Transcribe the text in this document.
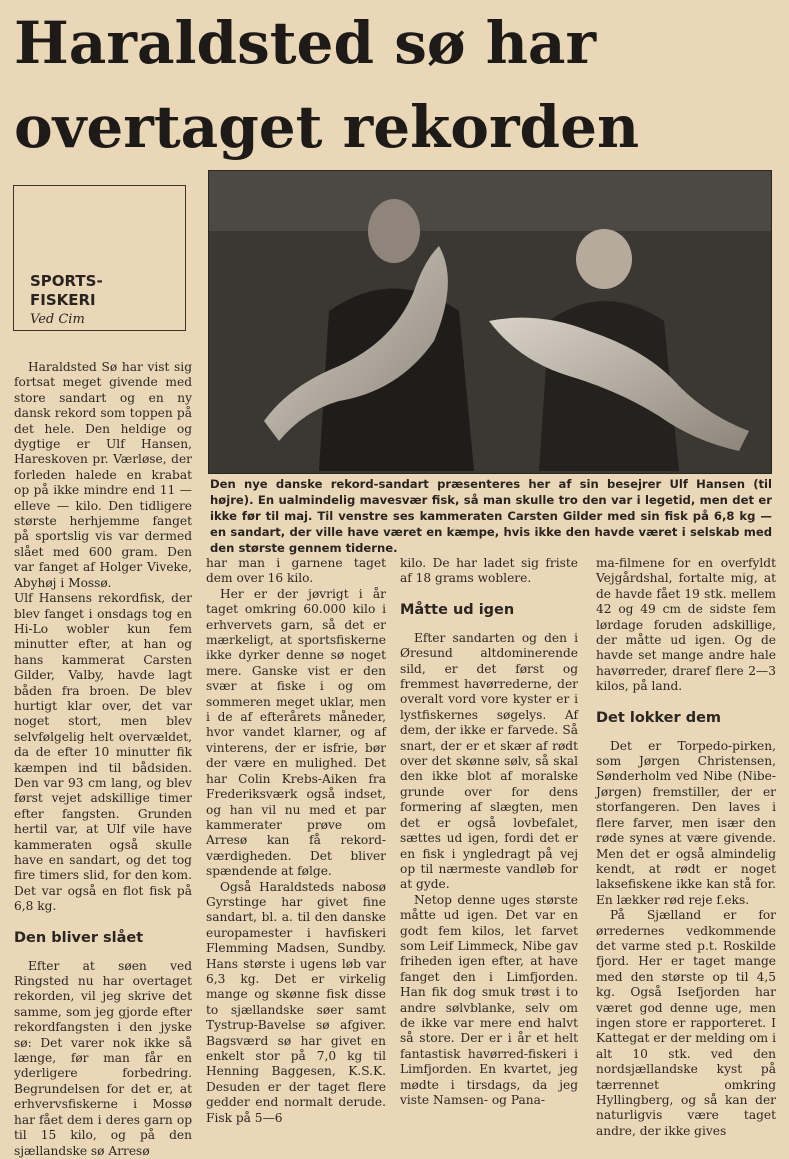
Haraldsted sø har
overtaget rekorden
SPORTS-
FISKERI
Ved Cim
Den nye danske rekord-sandart præsenteres her af sin besejrer Ulf Hansen (til højre). En ualmindelig mavesvær fisk, så man skulle tro den var i legetid, men det er ikke før til maj. Til venstre ses kammeraten Carsten Gilder med sin fisk på 6,8 kg — en sandart, der ville have været en kæmpe, hvis ikke den havde været i selskab med den største gennem tiderne.

Haraldsted Sø har vist sig fortsat meget givende med store sandart og en ny dansk rekord som toppen på det hele. Den heldige og dygtige er Ulf Hansen, Hareskoven pr. Værløse, der forleden halede en krabat op på ikke mindre end 11 — elleve — kilo. Den tidligere største herhjemme fanget på sportslig vis var dermed slået med 600 gram. Den var fanget af Holger Viveke, Abyhøj i Mossø.

Ulf Hansens rekordfisk, der blev fanget i onsdags tog en Hi-Lo wobler kun fem minutter efter, at han og hans kammerat Carsten Gilder, Valby, havde lagt båden fra broen. De blev hurtigt klar over, det var noget stort, men blev selvfølgelig helt overvældet, da de efter 10 minutter fik kæmpen ind til bådsiden. Den var 93 cm lang, og blev først vejet adskillige timer efter fangsten. Grunden hertil var, at Ulf vile have kammeraten også skulle have en sandart, og det tog fire timers slid, for den kom. Det var også en flot fisk på 6,8 kg.

Den bliver slået

Efter at søen ved Ringsted nu har overtaget rekorden, vil jeg skrive det samme, som jeg gjorde efter rekordfangsten i den jyske sø: Det varer nok ikke så længe, før man får en yderligere forbedring. Begrundelsen for det er, at erhvervsfiskerne i Mossø har fået dem i deres garn op til 15 kilo, og på den sjællandske sø Arresø

har man i garnene taget dem over 16 kilo.

Her er der jøvrigt i år taget omkring 60.000 kilo i erhvervets garn, så det er mærkeligt, at sportsfiskerne ikke dyrker denne sø noget mere. Ganske vist er den svær at fiske i og om sommeren meget uklar, men i de af efterårets måneder, hvor vandet klarner, og af vinterens, der er isfrie, bør der være en mulighed. Det har Colin Krebs-Aiken fra Frederiksværk også indset, og han vil nu med et par kammerater prøve om Arresø kan få rekord-værdigheden. Det bliver spændende at følge.

Også Haraldsteds nabosø Gyrstinge har givet fine sandart, bl. a. til den danske europamester i havfiskeri Flemming Madsen, Sundby. Hans største i ugens løb var 6,3 kg. Det er virkelig mange og skønne fisk disse to sjællandske søer samt Tystrup-Bavelse sø afgiver. Bagsværd sø har givet en enkelt stor på 7,0 kg til Henning Baggesen, K.S.K. Desuden er der taget flere gedder end normalt derude. Fisk på 5—6

kilo. De har ladet sig friste af 18 grams woblere.

Måtte ud igen

Efter sandarten og den i Øresund altdominerende sild, er det først og fremmest havørrederne, der overalt vord vore kyster er i lystfiskernes søgelys. Af dem, der ikke er farvede. Så snart, der er et skær af rødt over det skønne sølv, så skal den ikke blot af moralske grunde over for dens formering af slægten, men det er også lovbefalet, sættes ud igen, fordi det er en fisk i yngledragt på vej op til nærmeste vandløb for at gyde.

Netop denne uges største måtte ud igen. Det var en godt fem kilos, let farvet som Leif Limmeck, Nibe gav friheden igen efter, at have fanget den i Limfjorden. Han fik dog smuk trøst i to andre sølvblanke, selv om de ikke var mere end halvt så store. Der er i år et helt fantastisk havørred-fiskeri i Limfjorden. En kvartet, jeg mødte i tirsdags, da jeg viste Namsen- og Pana-

ma-filmene for en overfyldt Vejgårdshal, fortalte mig, at de havde fået 19 stk. mellem 42 og 49 cm de sidste fem lørdage foruden adskillige, der måtte ud igen. Og de havde set mange andre hale havørreder, draref flere 2—3 kilos, på land.

Det lokker dem

Det er Torpedo-pirken, som Jørgen Christensen, Sønderholm ved Nibe (Nibe-Jørgen) fremstiller, der er storfangeren. Den laves i flere farver, men især den røde synes at være givende. Men det er også almindelig kendt, at rødt er noget laksefiskene ikke kan stå for. En lækker rød reje f.eks.

På Sjælland er for ørredernes vedkommende det varme sted p.t. Roskilde fjord. Her er taget mange med den største op til 4,5 kg. Også Isefjorden har været god denne uge, men ingen store er rapporteret. I Kattegat er der melding om i alt 10 stk. ved den nordsjællandske kyst på tærrennet omkring Hyllingberg, og så kan der naturligvis være taget andre, der ikke gives
